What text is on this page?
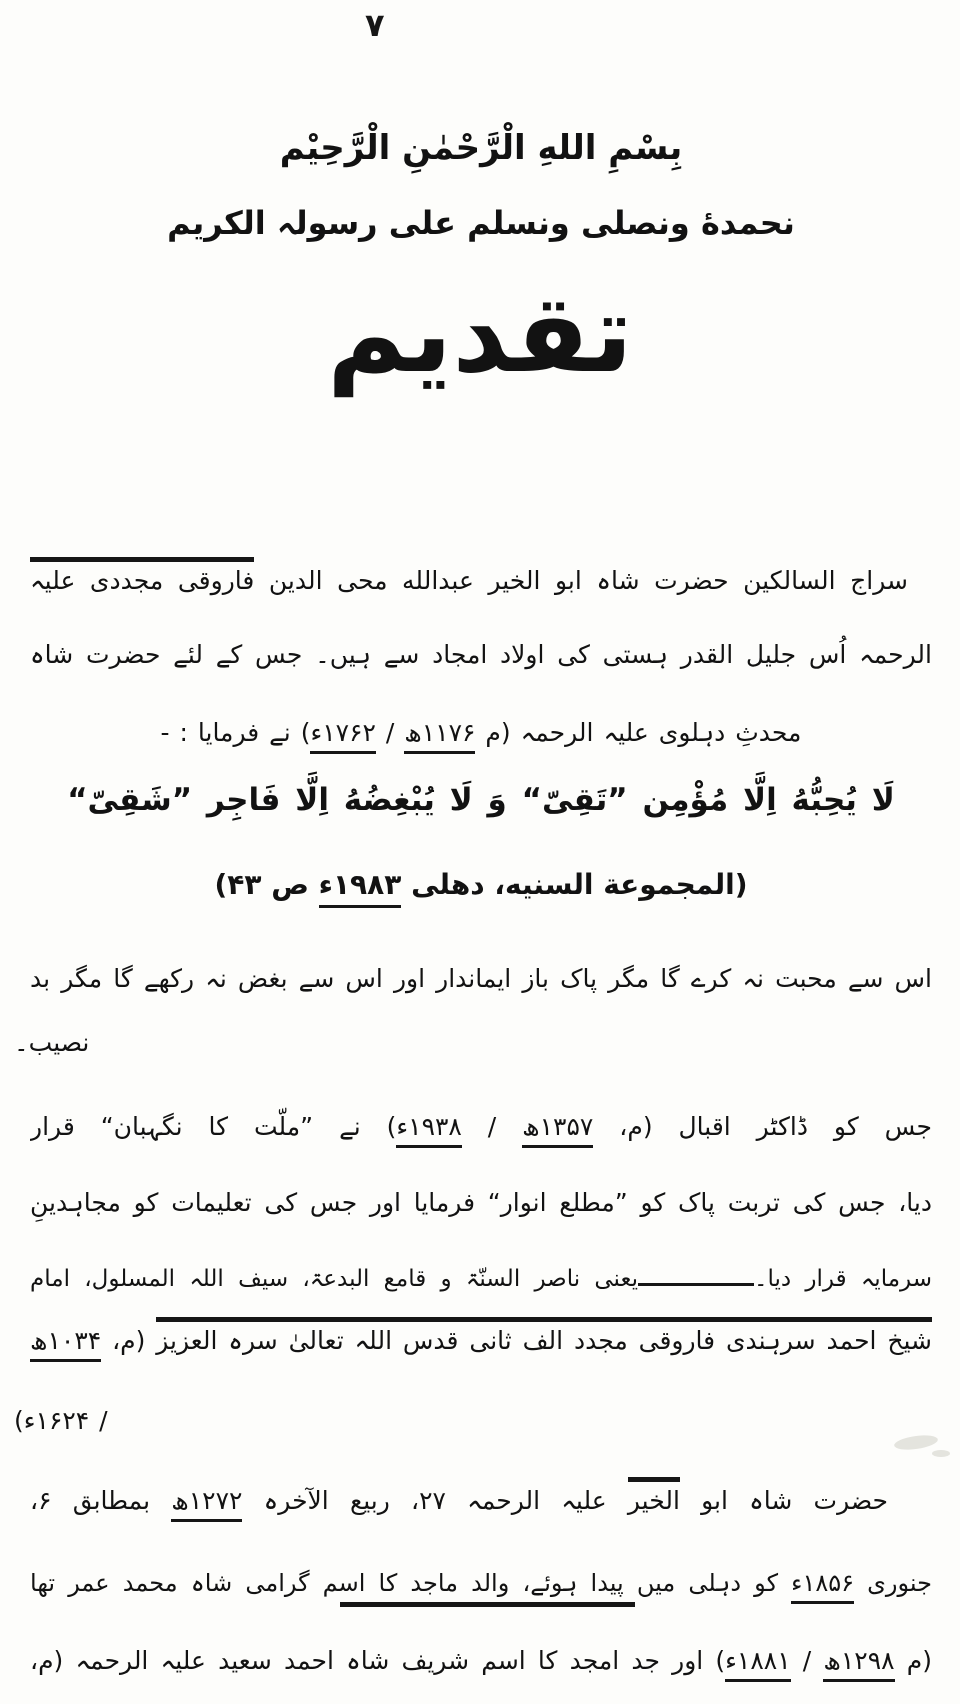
۷
بِسْمِ اللهِ الْرَّحْمٰنِ الْرَّحِيْم
نحمدهٔ ونصلی ونسلم علی رسولہ الکریم
تقدیم
سراج السالکین حضرت شاہ ابو الخیر عبدالله محی الدین فاروقی مجددی علیہ
الرحمہ اُس جلیل القدر ہستی کی اولاد امجاد سے ہیں۔ جس کے لئے حضرت شاہ
محدثِ دہلوی علیہ الرحمہ (م ۱۱۷۶ھ / ۱۷۶۲ء) نے فرمایا : -
لَا يُحِبُّهُ اِلَّا مُؤْمِن ”تَقِیّ“ وَ لَا يُبْغِضُهُ اِلَّا فَاجِر ”شَقِیّ“
(المجموعة السنيه، دهلی ۱۹۸۳ء ص ۴۳)
اس سے محبت نہ کرے گا مگر پاک باز ایماندار اور اس سے بغض نہ رکھے گا مگر بد
نصیب۔
جس کو ڈاکٹر اقبال (م، ۱۳۵۷ھ / ۱۹۳۸ء) نے ”ملّت کا نگہبان“ قرار
دیا، جس کی تربت پاک کو ”مطلع انوار“ فرمایا اور جس کی تعلیمات کو مجاہدینِ
سرمایہ قرار دیا۔یعنی ناصر السنّۃ و قامع البدعۃ، سیف اللہ المسلول، امام
شیخ احمد سرہندی فاروقی مجدد الف ثانی قدس اللہ تعالیٰ سرہ العزیز (م، ۱۰۳۴ھ
/ ۱۶۲۴ء)
حضرت شاہ ابو الخیر علیہ الرحمہ ۲۷، ربیع الآخرہ ۱۲۷۲ھ بمطابق ۶،
جنوری ۱۸۵۶ء کو دہلی میں پیدا ہوئے، والد ماجد کا اسم گرامی شاہ محمد عمر تھا
(م ۱۲۹۸ھ / ۱۸۸۱ء) اور جد امجد کا اسم شریف شاہ احمد سعید علیہ الرحمہ (م،
